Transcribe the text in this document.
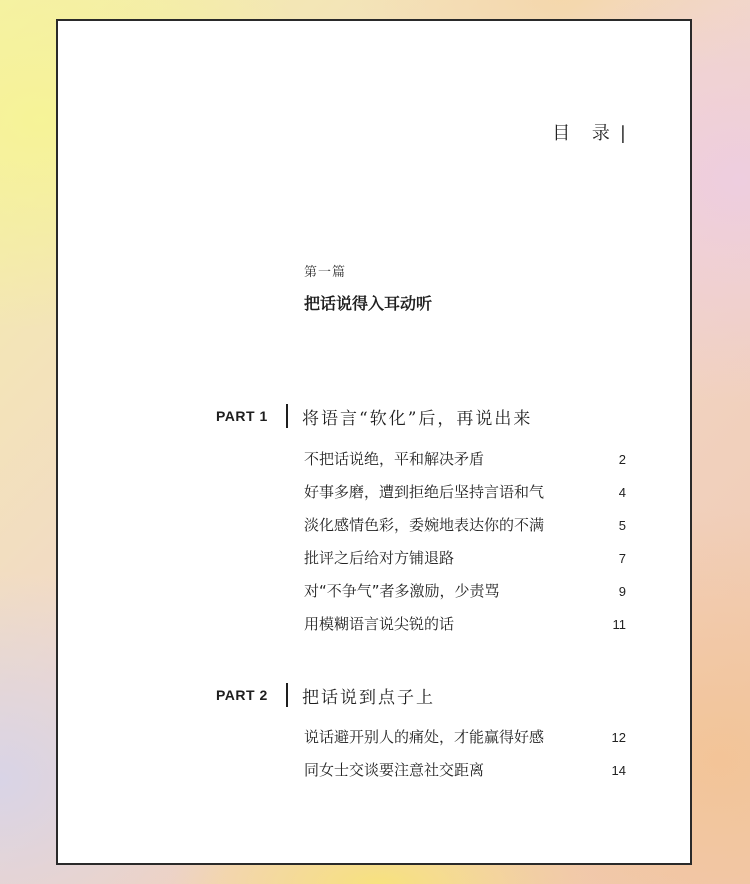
目 录 |
第一篇
把话说得入耳动听
PART 1 将语言“软化”后，再说出来
不把话说绝，平和解决矛盾	2
好事多磨，遭到拒绝后坚持言语和气	4
淡化感情色彩，委婉地表达你的不满	5
批评之后给对方铺退路	7
对“不争气”者多激励，少责骂	9
用模糊语言说尖锐的话	11
PART 2 把话说到点子上
说话避开别人的痛处，才能赢得好感	12
同女士交谈要注意社交距离	14
